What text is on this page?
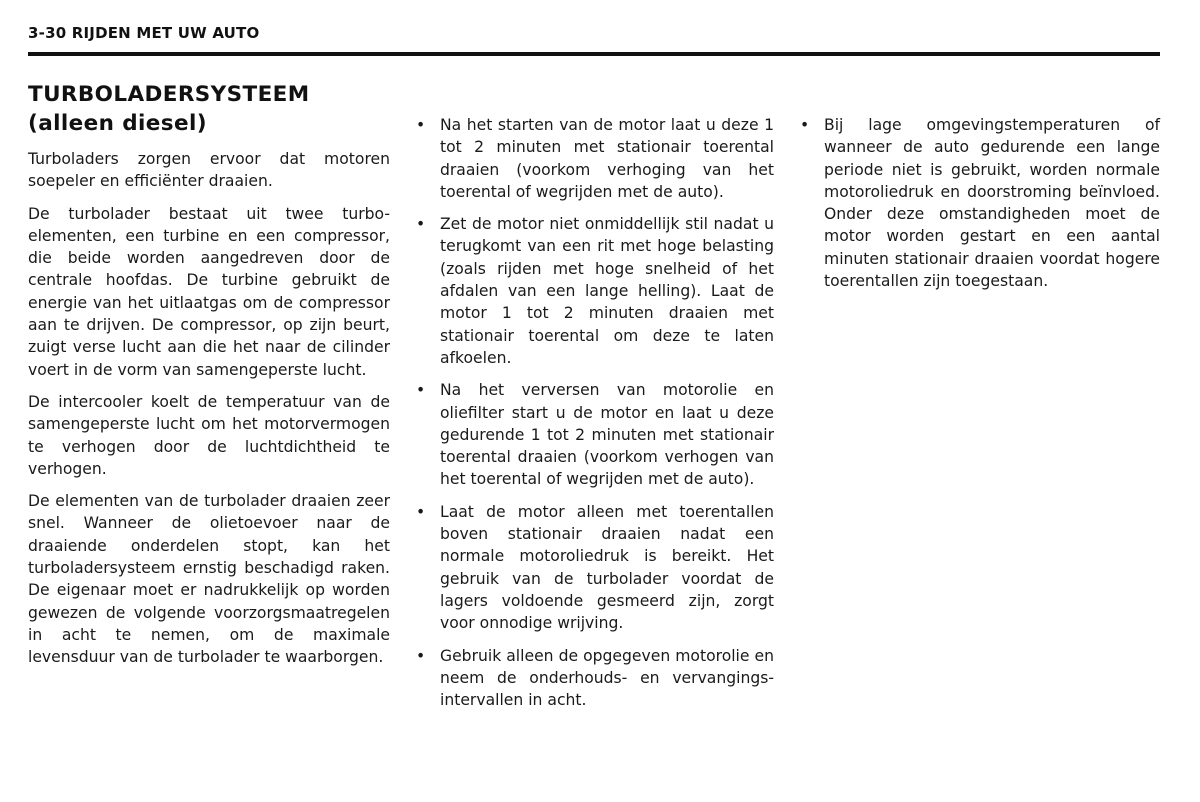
3-30 RIJDEN MET UW AUTO
TURBOLADERSYSTEEM
(alleen diesel)

Turboladers zorgen ervoor dat motoren soepeler en efficiënter draaien.

De turbolader bestaat uit twee turbo-elementen, een turbine en een compressor, die beide worden aangedreven door de centrale hoofdas. De turbine gebruikt de energie van het uitlaatgas om de compressor aan te drijven. De compressor, op zijn beurt, zuigt verse lucht aan die het naar de cilinder voert in de vorm van samengeperste lucht.

De intercooler koelt de temperatuur van de samengeperste lucht om het motorvermogen te verhogen door de luchtdichtheid te verhogen.

De elementen van de turbolader draaien zeer snel. Wanneer de olietoevoer naar de draaiende onderdelen stopt, kan het turboladersysteem ernstig beschadigd raken. De eigenaar moet er nadrukkelijk op worden gewezen de volgende voorzorgsmaatregelen in acht te nemen, om de maximale levensduur van de turbolader te waarborgen.

• Na het starten van de motor laat u deze 1 tot 2 minuten met stationair toerental draaien (voorkom verhoging van het toerental of wegrijden met de auto).
• Zet de motor niet onmiddellijk stil nadat u terugkomt van een rit met hoge belasting (zoals rijden met hoge snelheid of het afdalen van een lange helling). Laat de motor 1 tot 2 minuten draaien met stationair toerental om deze te laten afkoelen.
• Na het verversen van motorolie en oliefilter start u de motor en laat u deze gedurende 1 tot 2 minuten met stationair toerental draaien (voorkom verhogen van het toerental of wegrijden met de auto).
• Laat de motor alleen met toerentallen boven stationair draaien nadat een normale motoroliedruk is bereikt. Het gebruik van de turbolader voordat de lagers voldoende gesmeerd zijn, zorgt voor onnodige wrijving.
• Gebruik alleen de opgegeven motorolie en neem de onderhouds- en vervangings-intervallen in acht.
• Bij lage omgevingstemperaturen of wanneer de auto gedurende een lange periode niet is gebruikt, worden normale motoroliedruk en doorstroming beïnvloed. Onder deze omstandigheden moet de motor worden gestart en een aantal minuten stationair draaien voordat hogere toerentallen zijn toegestaan.
